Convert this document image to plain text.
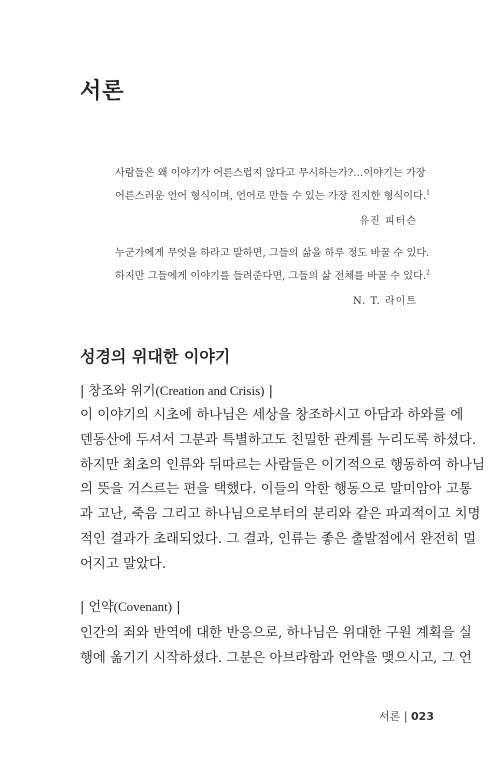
서론
사람들은 왜 이야기가 어른스럽지 않다고 무시하는가?…이야기는 가장
어른스러운 언어 형식이며, 언어로 만들 수 있는 가장 진지한 형식이다.$^1$
유진 피터슨
누군가에게 무엇을 하라고 말하면, 그들의 삶을 하루 정도 바꿀 수 있다.
하지만 그들에게 이야기를 들려준다면, 그들의 삶 전체를 바꿀 수 있다.$^2$
N. T. 라이트
성경의 위대한 이야기
| 창조와 위기(Creation and Crisis) |
이 이야기의 시초에 하나님은 세상을 창조하시고 아담과 하와를 에
덴동산에 두셔서 그분과 특별하고도 친밀한 관계를 누리도록 하셨다.
하지만 최초의 인류와 뒤따르는 사람들은 이기적으로 행동하여 하나님
의 뜻을 거스르는 편을 택했다. 이들의 악한 행동으로 말미암아 고통
과 고난, 죽음 그리고 하나님으로부터의 분리와 같은 파괴적이고 치명
적인 결과가 초래되었다. 그 결과, 인류는 좋은 출발점에서 완전히 멀
어지고 말았다.
| 언약(Covenant) |
인간의 죄와 반역에 대한 반응으로, 하나님은 위대한 구원 계획을 실
행에 옮기기 시작하셨다. 그분은 아브라함과 언약을 맺으시고, 그 언
서론 | 023
